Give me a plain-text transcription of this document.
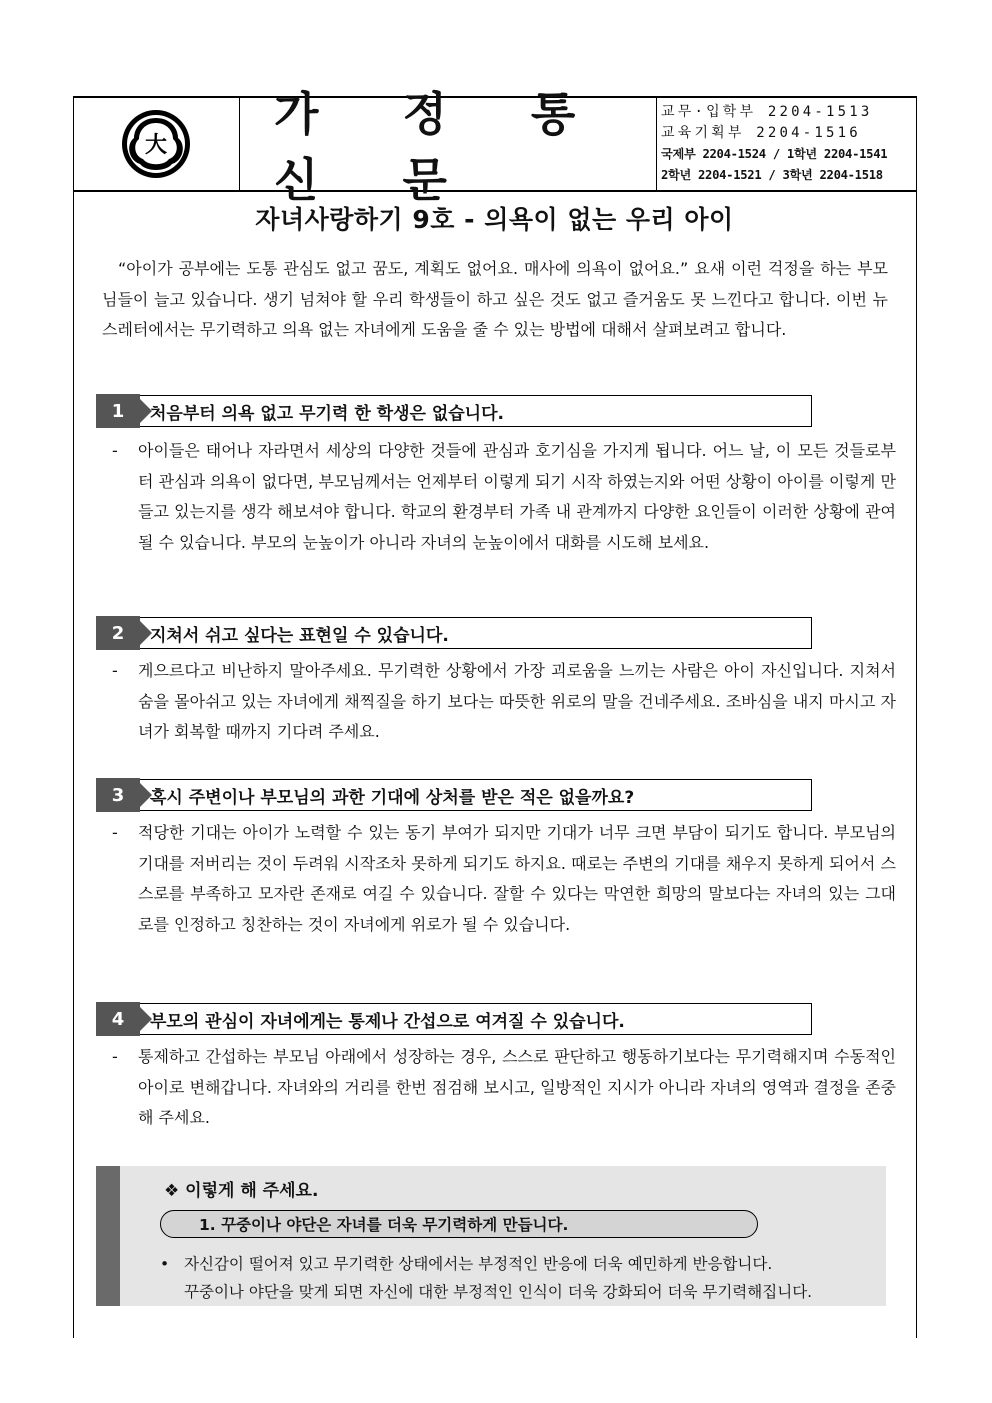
大
가 정 통 신 문
교무·입학부 2204-1513
교육기획부 2204-1516
국제부 2204-1524 / 1학년 2204-1541
2학년 2204-1521 / 3학년 2204-1518
자녀사랑하기 9호 - 의욕이 없는 우리 아이

“아이가 공부에는 도통 관심도 없고 꿈도, 계획도 없어요. 매사에 의욕이 없어요.” 요새 이런 걱정을 하는 부모님들이 늘고 있습니다. 생기 넘쳐야 할 우리 학생들이 하고 싶은 것도 없고 즐거움도 못 느낀다고 합니다. 이번 뉴스레터에서는 무기력하고 의욕 없는 자녀에게 도움을 줄 수 있는 방법에 대해서 살펴보려고 합니다.

1	처음부터 의욕 없고 무기력 한 학생은 없습니다.
- 아이들은 태어나 자라면서 세상의 다양한 것들에 관심과 호기심을 가지게 됩니다. 어느 날, 이 모든 것들로부터 관심과 의욕이 없다면, 부모님께서는 언제부터 이렇게 되기 시작 하였는지와 어떤 상황이 아이를 이렇게 만들고 있는지를 생각 해보셔야 합니다. 학교의 환경부터 가족 내 관계까지 다양한 요인들이 이러한 상황에 관여 될 수 있습니다. 부모의 눈높이가 아니라 자녀의 눈높이에서 대화를 시도해 보세요.

2	지쳐서 쉬고 싶다는 표현일 수 있습니다.
- 게으르다고 비난하지 말아주세요. 무기력한 상황에서 가장 괴로움을 느끼는 사람은 아이 자신입니다. 지쳐서 숨을 몰아쉬고 있는 자녀에게 채찍질을 하기 보다는 따뜻한 위로의 말을 건네주세요. 조바심을 내지 마시고 자녀가 회복할 때까지 기다려 주세요.

3	혹시 주변이나 부모님의 과한 기대에 상처를 받은 적은 없을까요?
- 적당한 기대는 아이가 노력할 수 있는 동기 부여가 되지만 기대가 너무 크면 부담이 되기도 합니다. 부모님의 기대를 저버리는 것이 두려워 시작조차 못하게 되기도 하지요. 때로는 주변의 기대를 채우지 못하게 되어서 스스로를 부족하고 모자란 존재로 여길 수 있습니다. 잘할 수 있다는 막연한 희망의 말보다는 자녀의 있는 그대로를 인정하고 칭찬하는 것이 자녀에게 위로가 될 수 있습니다.

4	부모의 관심이 자녀에게는 통제나 간섭으로 여겨질 수 있습니다.
- 통제하고 간섭하는 부모님 아래에서 성장하는 경우, 스스로 판단하고 행동하기보다는 무기력해지며 수동적인 아이로 변해갑니다. 자녀와의 거리를 한번 점검해 보시고, 일방적인 지시가 아니라 자녀의 영역과 결정을 존중해 주세요.

❖ 이렇게 해 주세요.
1. 꾸중이나 야단은 자녀를 더욱 무기력하게 만듭니다.
• 자신감이 떨어져 있고 무기력한 상태에서는 부정적인 반응에 더욱 예민하게 반응합니다.
꾸중이나 야단을 맞게 되면 자신에 대한 부정적인 인식이 더욱 강화되어 더욱 무기력해집니다.
